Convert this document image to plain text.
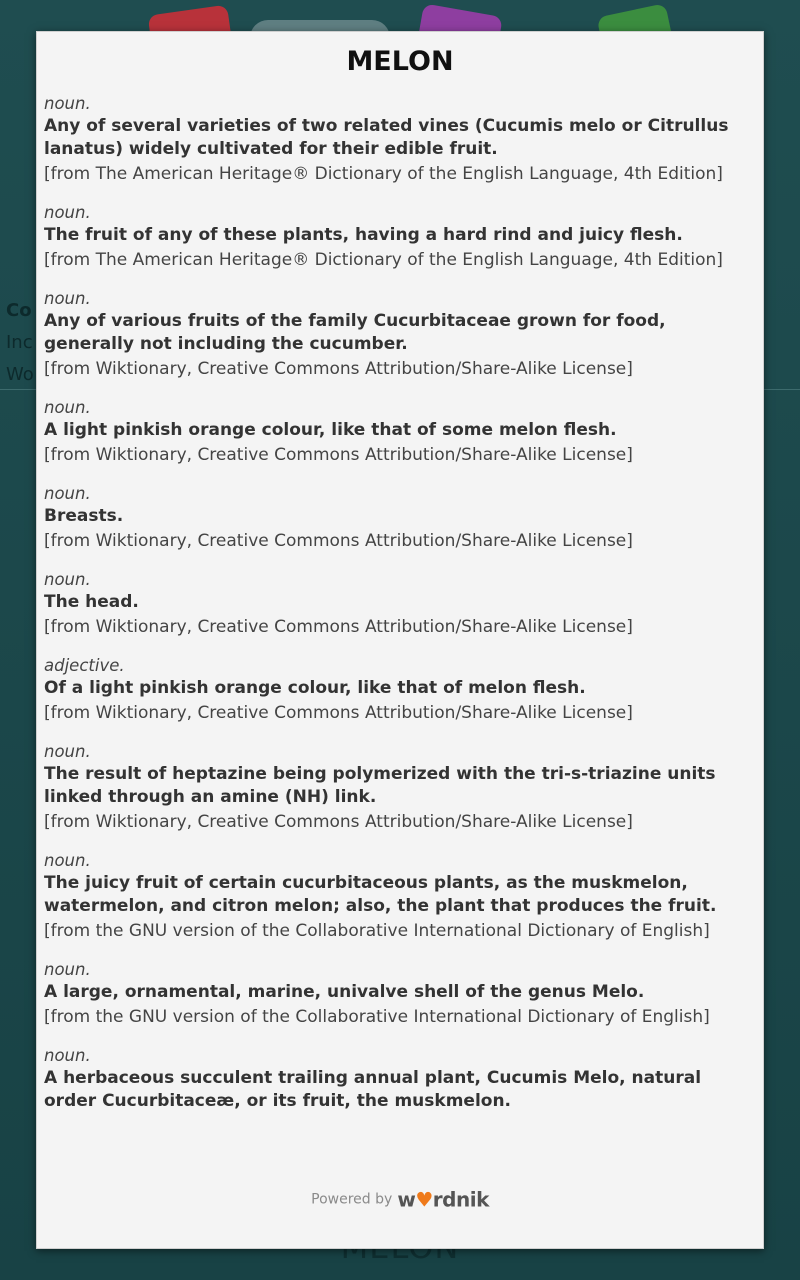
Co
Inc
Wo
MELON
noun.
Any of several varieties of two related vines (Cucumis melo or Citrullus lanatus) widely cultivated for their edible fruit.
[from The American Heritage® Dictionary of the English Language, 4th Edition]
noun.
The fruit of any of these plants, having a hard rind and juicy flesh.
[from The American Heritage® Dictionary of the English Language, 4th Edition]
noun.
Any of various fruits of the family Cucurbitaceae grown for food, generally not including the cucumber.
[from Wiktionary, Creative Commons Attribution/Share-Alike License]
noun.
A light pinkish orange colour, like that of some melon flesh.
[from Wiktionary, Creative Commons Attribution/Share-Alike License]
noun.
Breasts.
[from Wiktionary, Creative Commons Attribution/Share-Alike License]
noun.
The head.
[from Wiktionary, Creative Commons Attribution/Share-Alike License]
adjective.
Of a light pinkish orange colour, like that of melon flesh.
[from Wiktionary, Creative Commons Attribution/Share-Alike License]
noun.
The result of heptazine being polymerized with the tri-s-triazine units linked through an amine (NH) link.
[from Wiktionary, Creative Commons Attribution/Share-Alike License]
noun.
The juicy fruit of certain cucurbitaceous plants, as the muskmelon, watermelon, and citron melon; also, the plant that produces the fruit.
[from the GNU version of the Collaborative International Dictionary of English]
noun.
A large, ornamental, marine, univalve shell of the genus Melo.
[from the GNU version of the Collaborative International Dictionary of English]
noun.
A herbaceous succulent trailing annual plant, Cucumis Melo, natural order Cucurbitaceæ, or its fruit, the muskmelon.
Powered by w♥rdnik
